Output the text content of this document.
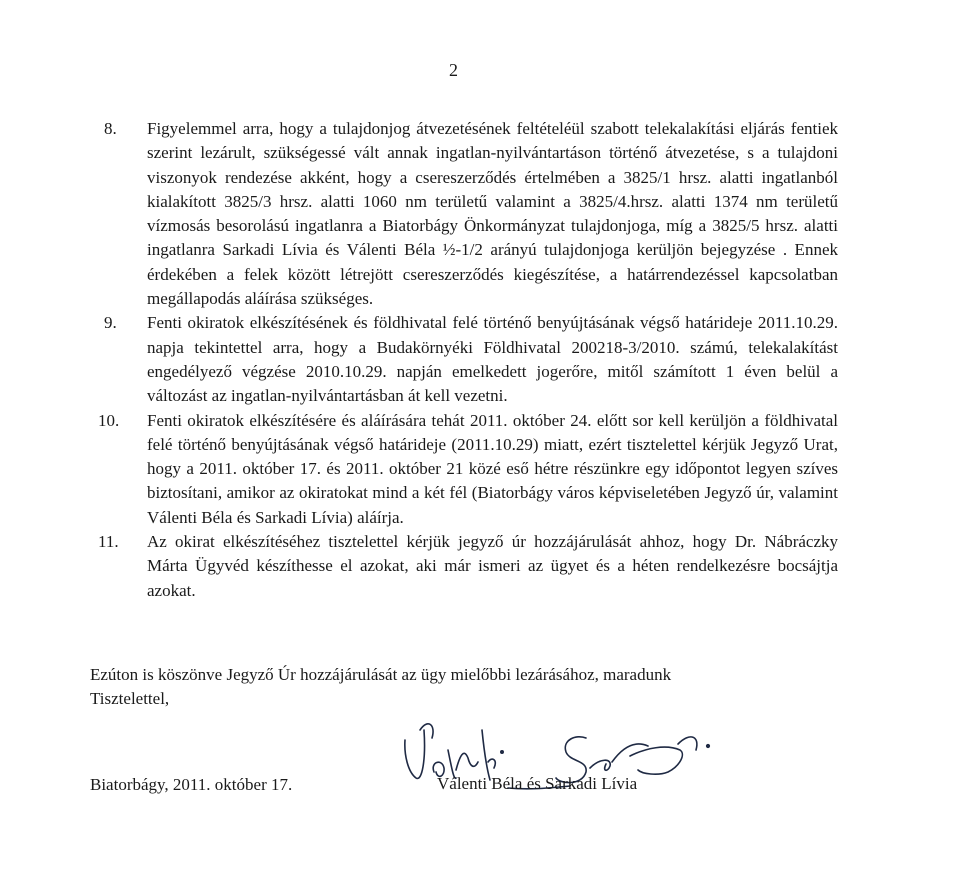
2
8.	Figyelemmel arra, hogy a tulajdonjog átvezetésének feltételéül szabott telekalakítási eljárás fentiek szerint lezárult, szükségessé vált annak ingatlan-nyilvántartáson történő átvezetése, s a tulajdoni viszonyok rendezése akként, hogy a csereszerződés értelmében a 3825/1 hrsz. alatti ingatlanból kialakított 3825/3 hrsz. alatti 1060 nm területű valamint a 3825/4.hrsz. alatti 1374 nm területű vízmosás besorolású ingatlanra a Biatorbágy Önkormányzat tulajdonjoga, míg a 3825/5 hrsz. alatti ingatlanra Sarkadi Lívia és Válenti Béla ½-1/2 arányú tulajdonjoga kerüljön bejegyzése . Ennek érdekében a felek között létrejött csereszerződés kiegészítése, a határrendezéssel kapcsolatban megállapodás aláírása szükséges.
9.	Fenti okiratok elkészítésének és földhivatal felé történő benyújtásának végső határideje 2011.10.29. napja tekintettel arra, hogy a Budakörnyéki Földhivatal 200218-3/2010. számú, telekalakítást engedélyező végzése 2010.10.29. napján emelkedett jogerőre, mitől számított 1 éven belül a változást az ingatlan-nyilvántartásban át kell vezetni.
10.	Fenti okiratok elkészítésére és aláírására tehát 2011. október 24. előtt sor kell kerüljön a földhivatal felé történő benyújtásának végső határideje (2011.10.29) miatt, ezért tisztelettel kérjük Jegyző Urat, hogy a 2011. október 17. és 2011. október 21 közé eső hétre részünkre egy időpontot legyen szíves biztosítani, amikor az okiratokat mind a két fél (Biatorbágy város képviseletében Jegyző úr, valamint Válenti Béla és Sarkadi Lívia) aláírja.
11.	Az okirat elkészítéséhez tisztelettel kérjük jegyző úr hozzájárulását ahhoz, hogy Dr. Nábráczky Márta Ügyvéd készíthesse el azokat, aki már ismeri az ügyet és a héten rendelkezésre bocsájtja azokat.

Ezúton is köszönve Jegyző Úr hozzájárulását az ügy mielőbbi lezárásához, maradunk

Tisztelettel,

Biatorbágy, 2011. október 17.	Válenti Béla és Sarkadi Lívia
